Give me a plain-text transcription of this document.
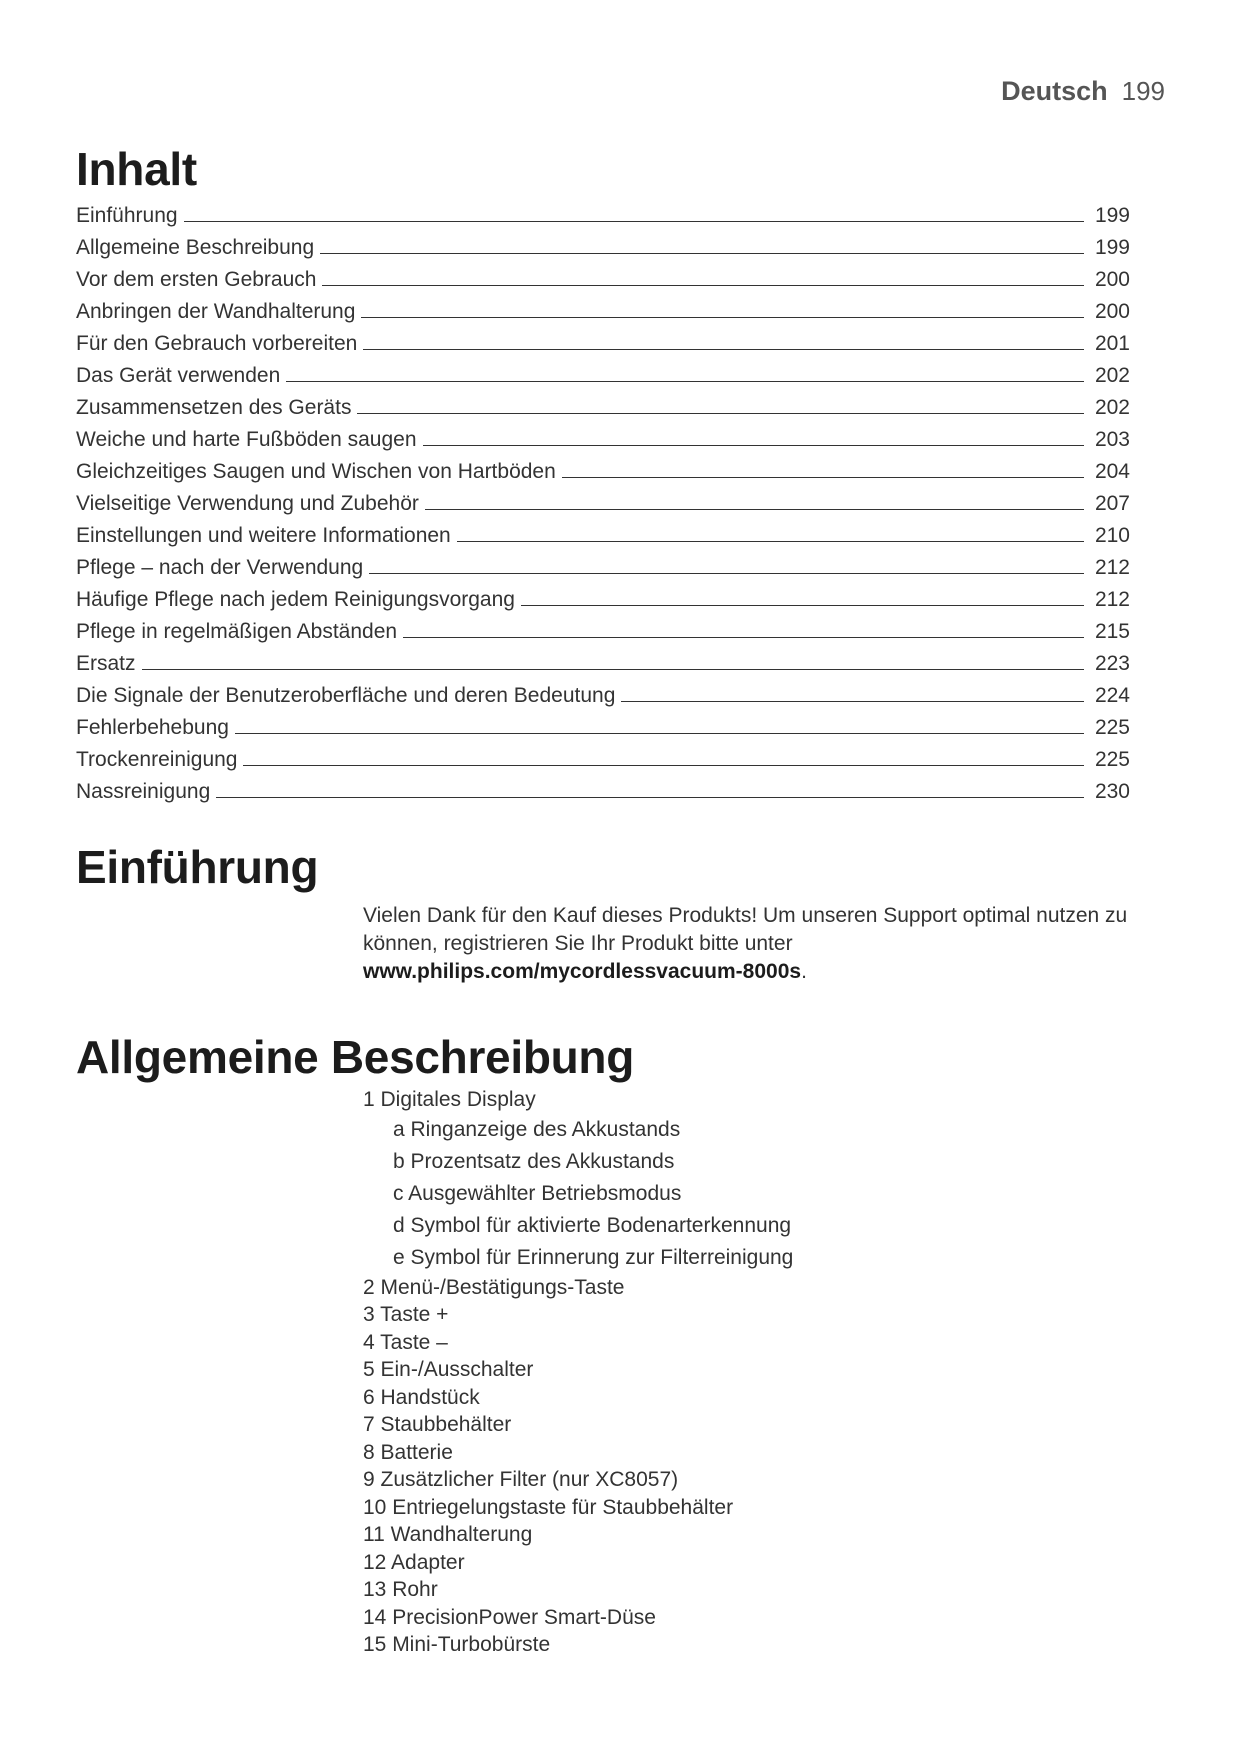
Deutsch 199
Inhalt
Einführung	199
Allgemeine Beschreibung	199
Vor dem ersten Gebrauch	200
Anbringen der Wandhalterung	200
Für den Gebrauch vorbereiten	201
Das Gerät verwenden	202
Zusammensetzen des Geräts	202
Weiche und harte Fußböden saugen	203
Gleichzeitiges Saugen und Wischen von Hartböden	204
Vielseitige Verwendung und Zubehör	207
Einstellungen und weitere Informationen	210
Pflege – nach der Verwendung	212
Häufige Pflege nach jedem Reinigungsvorgang	212
Pflege in regelmäßigen Abständen	215
Ersatz	223
Die Signale der Benutzeroberfläche und deren Bedeutung	224
Fehlerbehebung	225
Trockenreinigung	225
Nassreinigung	230
Einführung
Vielen Dank für den Kauf dieses Produkts! Um unseren Support optimal nutzen zu können, registrieren Sie Ihr Produkt bitte unter
www.philips.com/mycordlessvacuum-8000s.
Allgemeine Beschreibung
1 Digitales Display
a Ringanzeige des Akkustands
b Prozentsatz des Akkustands
c Ausgewählter Betriebsmodus
d Symbol für aktivierte Bodenarterkennung
e Symbol für Erinnerung zur Filterreinigung
2 Menü-/Bestätigungs-Taste
3 Taste +
4 Taste –
5 Ein-/Ausschalter
6 Handstück
7 Staubbehälter
8 Batterie
9 Zusätzlicher Filter (nur XC8057)
10 Entriegelungstaste für Staubbehälter
11 Wandhalterung
12 Adapter
13 Rohr
14 PrecisionPower Smart-Düse
15 Mini-Turbobürste
